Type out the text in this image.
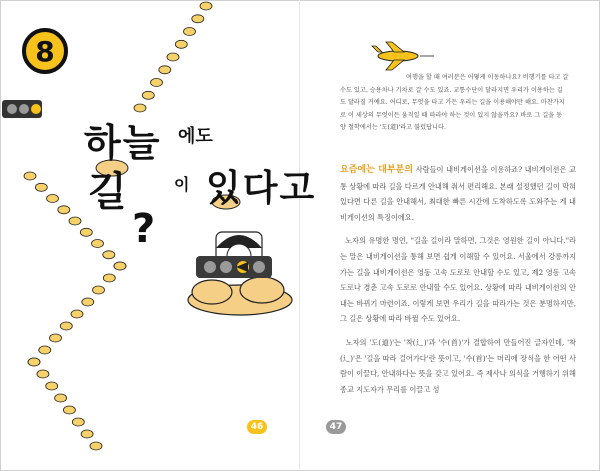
8
하늘 에도
길	이 있다고
?
46
여행을 할 때 여러분은 어떻게 이동하나요? 비행기를 타고 갈
수도 있고, 승용차나 기차로 갈 수도 있죠. 교통수단이 달라지면 우리가 이용하는 길
도 달라질 거예요. 어디로, 무엇을 타고 가든 우리는 길을 이용해야만 해요. 마찬가지
로 이 세상의 무엇이든 움직일 때 따라야 하는 것이 있지 않을까요? 바로 그 길을 동
양 철학에서는 '도(道)'라고 불렀답니다.

요즘에는 대부분의 사람들이 내비게이션을 이용하죠? 내비게이션은 교통 상황에 따라 길을 다르게 안내해 줘서 편리해요. 본래 설정했던 길이 막혀 있다면 다른 길을 안내해서, 최대한 빠른 시간에 도착하도록 도와주는 게 내비게이션의 특징이에요.

노자의 유명한 명언, "길을 길이라 말하면, 그것은 영원한 길이 아니다."라는 말은 내비게이션을 통해 보면 쉽게 이해할 수 있어요. 서울에서 강릉까지 가는 길을 내비게이션은 영동 고속 도로로 안내할 수도 있고, 제2 영동 고속 도로나 경춘 고속 도로로 안내할 수도 있어요. 상황에 따라 내비게이션의 안내는 바뀌기 마련이죠. 이렇게 보면 우리가 길을 따라가는 것은 분명하지만, 그 길은 상황에 따라 바뀔 수도 있어요.

노자의 '도(道)'는 '착(辶)'과 '수(首)'가 결합하여 만들어진 글자인데, '착(辶)'은 '길을 따라 걸어가다'란 뜻이고, '수(首)'는 머리에 장식을 한 어떤 사람이 이끌다, 안내하다는 뜻을 갖고 있어요. 즉 제사나 의식을 거행하기 위해 종교 지도자가 무리를 이끌고 성

47
